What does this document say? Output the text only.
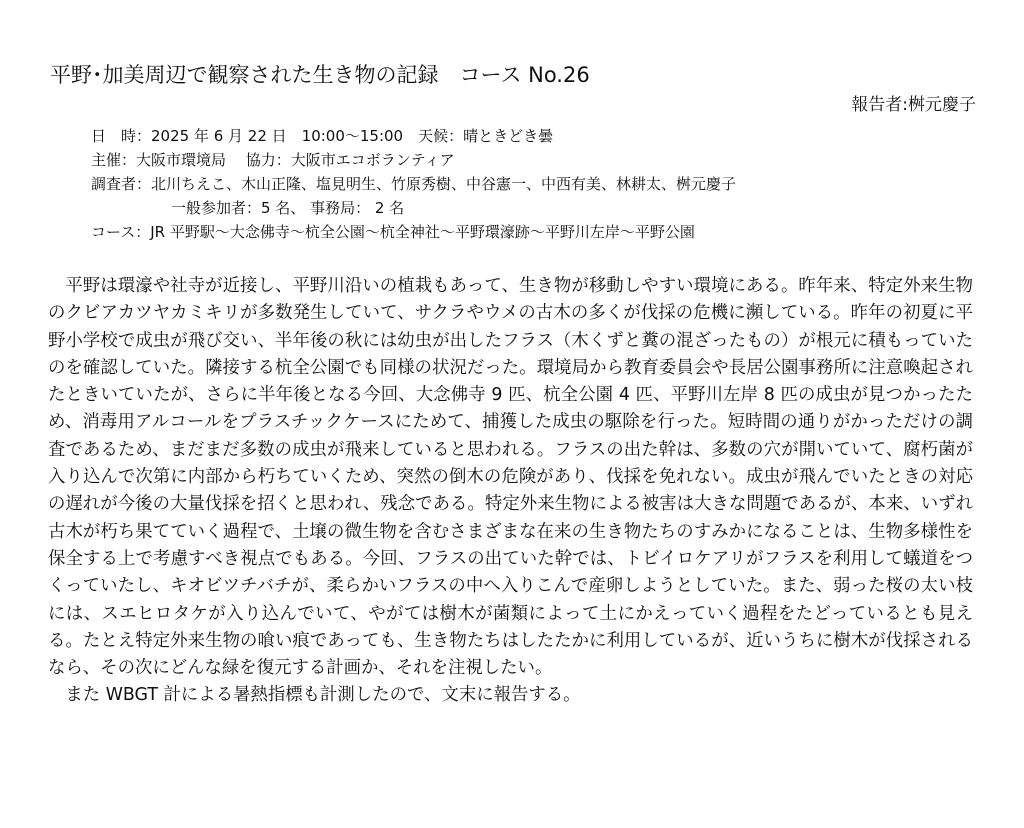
平野･加美周辺で観察された生き物の記録　コース No.26
報告者:桝元慶子
日　時：2025 年 6 月 22 日　10:00～15:00　天候：晴ときどき曇
主催：大阪市環境局　 協力：大阪市エコボランティア
調査者：北川ちえこ、木山正隆、塩見明生、竹原秀樹、中谷憲一、中西有美、林耕太、桝元慶子
一般参加者：5 名、 事務局： 2 名
コース：JR 平野駅～大念佛寺～杭全公園～杭全神社～平野環濠跡～平野川左岸～平野公園

平野は環濠や社寺が近接し、平野川沿いの植栽もあって、生き物が移動しやすい環境にある。昨年来、特定外来生物のクビアカツヤカミキリが多数発生していて、サクラやウメの古木の多くが伐採の危機に瀕している。昨年の初夏に平野小学校で成虫が飛び交い、半年後の秋には幼虫が出したフラス（木くずと糞の混ざったもの）が根元に積もっていたのを確認していた。隣接する杭全公園でも同様の状況だった。環境局から教育委員会や長居公園事務所に注意喚起されたときいていたが、さらに半年後となる今回、大念佛寺 9 匹、杭全公園 4 匹、平野川左岸 8 匹の成虫が見つかったため、消毒用アルコールをプラスチックケースにためて、捕獲した成虫の駆除を行った。短時間の通りがかっただけの調査であるため、まだまだ多数の成虫が飛来していると思われる。フラスの出た幹は、多数の穴が開いていて、腐朽菌が入り込んで次第に内部から朽ちていくため、突然の倒木の危険があり、伐採を免れない。成虫が飛んでいたときの対応の遅れが今後の大量伐採を招くと思われ、残念である。特定外来生物による被害は大きな問題であるが、本来、いずれ古木が朽ち果てていく過程で、土壌の微生物を含むさまざまな在来の生き物たちのすみかになることは、生物多様性を保全する上で考慮すべき視点でもある。今回、フラスの出ていた幹では、トビイロケアリがフラスを利用して蟻道をつくっていたし、キオビツチバチが、柔らかいフラスの中へ入りこんで産卵しようとしていた。また、弱った桜の太い枝には、スエヒロタケが入り込んでいて、やがては樹木が菌類によって土にかえっていく過程をたどっているとも見える。たとえ特定外来生物の喰い痕であっても、生き物たちはしたたかに利用しているが、近いうちに樹木が伐採されるなら、その次にどんな緑を復元する計画か、それを注視したい。

また WBGT 計による暑熱指標も計測したので、文末に報告する。
